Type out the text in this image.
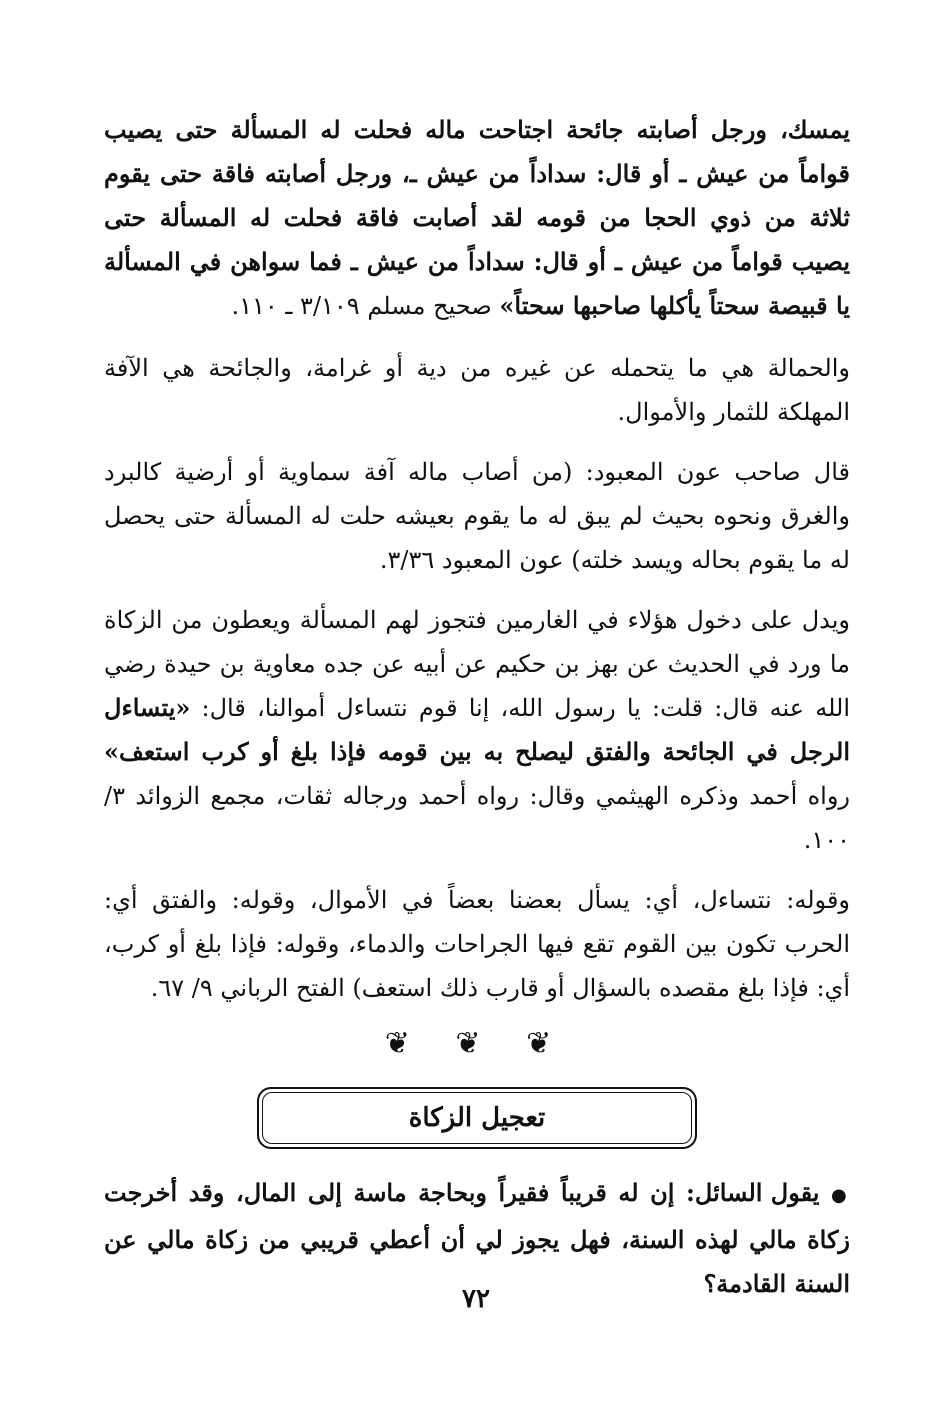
يمسك، ورجل أصابته جائحة اجتاحت ماله فحلت له المسألة حتى يصيب قواماً من عيش ـ أو قال: سداداً من عيش ـ، ورجل أصابته فاقة حتى يقوم ثلاثة من ذوي الحجا من قومه لقد أصابت فاقة فحلت له المسألة حتى يصيب قواماً من عيش ـ أو قال: سداداً من عيش ـ فما سواهن في المسألة يا قبيصة سحتاً يأكلها صاحبها سحتاً» صحيح مسلم ٣/١٠٩ ـ ١١٠.

والحمالة هي ما يتحمله عن غيره من دية أو غرامة، والجائحة هي الآفة المهلكة للثمار والأموال.

قال صاحب عون المعبود: (من أصاب ماله آفة سماوية أو أرضية كالبرد والغرق ونحوه بحيث لم يبق له ما يقوم بعيشه حلت له المسألة حتى يحصل له ما يقوم بحاله ويسد خلته) عون المعبود ٣/٣٦.

ويدل على دخول هؤلاء في الغارمين فتجوز لهم المسألة ويعطون من الزكاة ما ورد في الحديث عن بهز بن حكيم عن أبيه عن جده معاوية بن حيدة رضي الله عنه قال: قلت: يا رسول الله، إنا قوم نتساءل أموالنا، قال: «يتساءل الرجل في الجائحة والفتق ليصلح به بين قومه فإذا بلغ أو كرب استعف» رواه أحمد وذكره الهيثمي وقال: رواه أحمد ورجاله ثقات، مجمع الزوائد ٣/ ١٠٠.

وقوله: نتساءل، أي: يسأل بعضنا بعضاً في الأموال، وقوله: والفتق أي: الحرب تكون بين القوم تقع فيها الجراحات والدماء، وقوله: فإذا بلغ أو كرب، أي: فإذا بلغ مقصده بالسؤال أو قارب ذلك استعف) الفتح الرباني ٩/ ٦٧.

❦ ❦ ❦
تعجيل الزكاة

● يقول السائل: إن له قريباً فقيراً وبحاجة ماسة إلى المال، وقد أخرجت زكاة مالي لهذه السنة، فهل يجوز لي أن أعطي قريبي من زكاة مالي عن السنة القادمة؟

٧٢
